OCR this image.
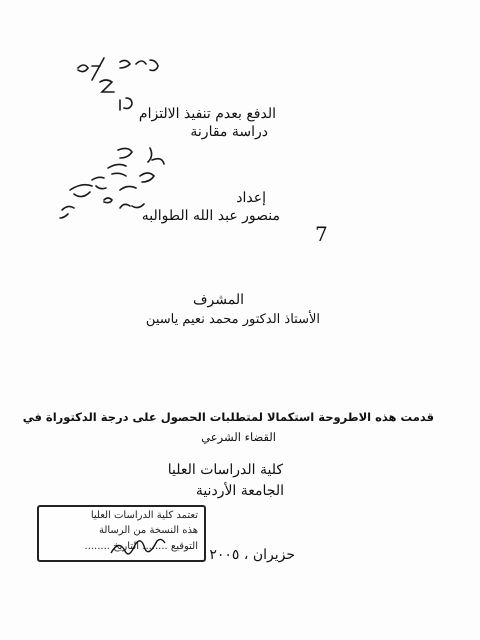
الدفع بعدم تنفيذ الالتزام
دراسة مقارنة
إعداد
منصور عبد الله الطوالبه
7
المشرف
الأستاذ الدكتور محمد نعيم ياسين
قدمت هذه الاطروحة استكمالا لمتطلبات الحصول على درجة الدكتوراة في
القضاء الشرعي
كلية الدراسات العليا
الجامعة الأردنية
تعتمد كلية الدراسات العليا
هذه النسخة من الرسالة
التوقيع ........ التاريخ ........
حزيران ، ٢٠٠٥
